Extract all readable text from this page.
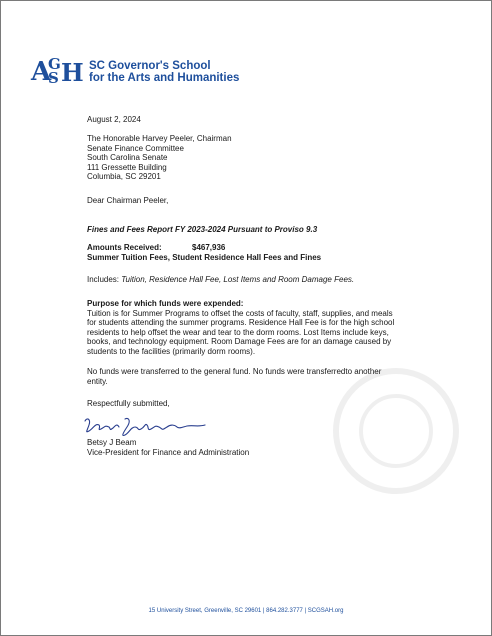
A
G
S H SC Governor's School
for the Arts and Humanities
August 2, 2024
The Honorable Harvey Peeler, Chairman
Senate Finance Committee
South Carolina Senate
111 Gressette Building
Columbia, SC 29201
Dear Chairman Peeler,
Fines and Fees Report FY 2023-2024 Pursuant to Proviso 9.3
Amounts Received:	$467,936
Summer Tuition Fees, Student Residence Hall Fees and Fines
Includes: Tuition, Residence Hall Fee, Lost Items and Room Damage Fees.
Purpose for which funds were expended:
Tuition is for Summer Programs to offset the costs of faculty, staff, supplies, and meals
for students attending the summer programs. Residence Hall Fee is for the high school
residents to help offset the wear and tear to the dorm rooms. Lost Items include keys,
books, and technology equipment. Room Damage Fees are for an damage caused by
students to the facilities (primarily dorm rooms).
No funds were transferred to the general fund. No funds were transferredto another
entity.
Respectfully submitted,
Betsy J Beam
Vice-President for Finance and Administration
15 University Street, Greenville, SC 29601 | 864.282.3777 | SCGSAH.org
